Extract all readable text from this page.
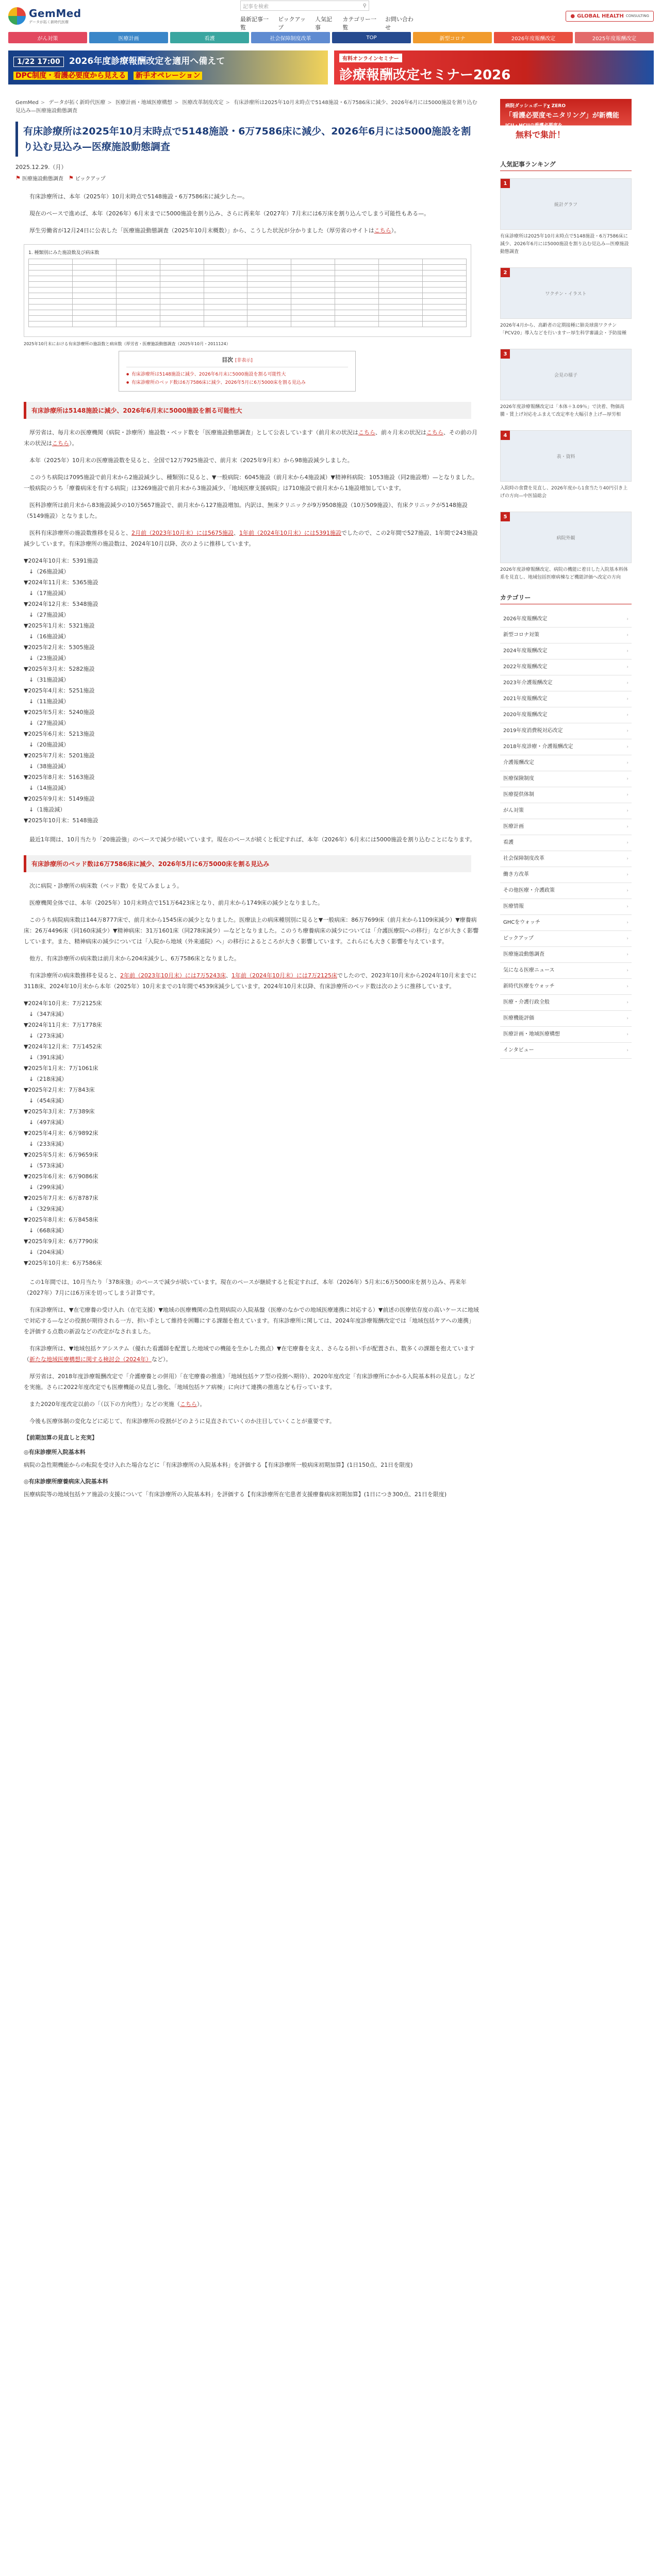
GemMed
データが拓く新時代医療
記事を検索	⚲
最新記事一覧
ピックアップ
人気記事
カテゴリー一覧
お問い合わせ
● GLOBAL HEALTH CONSULTING
がん対策	医療計画	看護	社会保障制度改革	TOP	新型コロナ	2026年度報酬改定	2025年度報酬改定
1/22 17:00 2026年度診療報酬改定を適用へ備えて
DPC制度・看護必要度から見える 新手オペレーション
有料オンラインセミナー
診療報酬改定セミナー2026
GemMed > データが拓く新時代医療 > 医療計画・地域医療構想 > 医療改革制度改定 > 有床診療所は2025年10月末時点で5148施設・6万7586床に減少、2026年6月には5000施設を割り込む見込み—医療施設動態調査
有床診療所は2025年10月末時点で5148施設・6万7586床に減少、2026年6月には5000施設を割り込む見込み—医療施設動態調査
2025.12.29.（月）
⚑ 医療施設動態調査 ⚑ ピックアップ

有床診療所は、本年（2025年）10月末時点で5148施設・6万7586床に減少した—。

現在のペースで進めば、本年（2026年）6月末までに5000施設を割り込み、さらに再来年（2027年）7月末には6万床を割り込んでしまう可能性もある—。

厚生労働省が12月24日に公表した「医療施設動態調査（2025年10月末概数）」から、こうした状況が分かりました（厚労省のサイトはこちら）。

1. 種類別にみた施設数及び病床数

2025年10月末における有床診療所の施設数と病床数（厚労省・医療施設動態調査（2025年10月・2011124）
目次 [非表示]
● 有床診療所は5148施設に減少、2026年6月末に5000施設を割る可能性大
● 有床診療所のベッド数は6万7586床に減少、2026年5月に6万5000床を割る見込み
有床診療所は5148施設に減少、2026年6月末に5000施設を割る可能性大

厚労省は、毎月末の医療機関（病院・診療所）施設数・ベッド数を「医療施設動態調査」として公表しています（前月末の状況はこちら、前々月末の状況はこちら、その前の月末の状況はこちら）。

本年（2025年）10月末の医療施設数を見ると、全国で12万7925施設で、前月末（2025年9月末）から98施設減少しました。

このうち病院は7095施設で前月末から2施設減少し、種類別に見ると、▼一般病院：6045施設（前月末から4施設減）▼精神科病院：1053施設（同2施設増）—となりました。一般病院のうち「療養病床を有する病院」は3269施設で前月末から3施設減少、「地域医療支援病院」は710施設で前月末から1施設増加しています。

医科診療所は前月末から83施設減少の10万5657施設で、前月末から127施設増加。内訳は、無床クリニックが9万9508施設（10万509施設）、有床クリニックが5148施設（5149施設）となりました。

医科有床診療所の施設数推移を見ると、2月前（2023年10月末）には5675施設、1年前（2024年10月末）には5391施設でしたので、この2年間で527施設、1年間で243施設減少しています。有床診療所の施設数は、2024年10月以降、次のように推移しています。

▼2024年10月末：5391施設
↓（26施設減）
▼2024年11月末：5365施設
↓（17施設減）
▼2024年12月末：5348施設
↓（27施設減）
▼2025年1月末：5321施設
↓（16施設減）
▼2025年2月末：5305施設
↓（23施設減）
▼2025年3月末：5282施設
↓（31施設減）
▼2025年4月末：5251施設
↓（11施設減）
▼2025年5月末：5240施設
↓（27施設減）
▼2025年6月末：5213施設
↓（20施設減）
▼2025年7月末：5201施設
↓（38施設減）
▼2025年8月末：5163施設
↓（14施設減）
▼2025年9月末：5149施設
↓（1施設減）
▼2025年10月末：5148施設

最近1年間は、10月当たり「20施設強」のペースで減少が続いています。現在のペースが続くと仮定すれば、本年（2026年）6月末には5000施設を割り込むことになります。

有床診療所のベッド数は6万7586床に減少、2026年5月に6万5000床を割る見込み

次に病院・診療所の病床数（ベッド数）を見てみましょう。

医療機関全体では、本年（2025年）10月末時点で151万6423床となり、前月末から1749床の減少となりました。

このうち病院病床数は144万8777床で、前月末から1545床の減少となりました。医療法上の病床種別別に見ると▼一般病床：86万7699床（前月末から1109床減少）▼療養病床：26万4496床（同160床減少）▼精神病床：31万1601床（同278床減少）—などとなりました。このうち療養病床の減少については「介護医療院への移行」などが大きく影響しています。また、精神病床の減少については「入院から地域（外来通院）へ」の移行によるところが大きく影響しています。これらにも大きく影響を与えています。

他方、有床診療所の病床数は前月末から204床減少し、6万7586床となりました。

有床診療所の病床数推移を見ると、2年前（2023年10月末）には7万5243床、1年前（2024年10月末）には7万2125床でしたので、2023年10月末から2024年10月末までに3118床、2024年10月末から本年（2025年）10月末までの1年間で4539床減少しています。2024年10月末以降、有床診療所のベッド数は次のように推移しています。

▼2024年10月末：7万2125床
↓（347床減）
▼2024年11月末：7万1778床
↓（273床減）
▼2024年12月末：7万1452床
↓（391床減）
▼2025年1月末：7万1061床
↓（218床減）
▼2025年2月末：7万843床
↓（454床減）
▼2025年3月末：7万389床
↓（497床減）
▼2025年4月末：6万9892床
↓（233床減）
▼2025年5月末：6万9659床
↓（573床減）
▼2025年6月末：6万9086床
↓（299床減）
▼2025年7月末：6万8787床
↓（329床減）
▼2025年8月末：6万8458床
↓（668床減）
▼2025年9月末：6万7790床
↓（204床減）
▼2025年10月末：6万7586床

この1年間では、10月当たり「378床強」のペースで減少が続いています。現在のペースが継続すると仮定すれば、本年（2026年）5月末に6万5000床を割り込み、再来年（2027年）7月には6万床を切ってしまう計算です。

有床診療所は、▼在宅療養の受け入れ（在宅支援）▼地域の医療機関の急性期病院の入院基盤（医療のなかでの地域医療連携に対応する）▼前述の医療依存度の高いケースに地域で対応する—などの役割が期待される一方、担い手として維持を困難にする課題を抱えています。有床診療所に関しては、2024年度診療報酬改定では「地域包括ケアへの連携」を評価する点数の新設などの改定がなされました。

有床診療所は、▼地域包括ケアシステム（優れた看護師を配置した地域での機能を生かした拠点）▼在宅療養を支え、さらなる担い手が配置され、数多くの課題を抱えています（新たな地域医療構想に関する検討会（2024年）など）。

厚労省は、2018年度診療報酬改定で「介護療養との併用）「在宅療養の推進）「地域包括ケア型の役割へ期待）、2020年度改定「有床診療所にかかる入院基本料の見直し」などを実施。さらに2022年度改定でも医療機能の見直し強化、「地域包括ケア病棟」に向けて連携の推進なども行っています。

また2020年度改定以前の「（以下の方向性）」などの実施（こちら）。

今後も医療体制の変化などに応じて、有床診療所の役割がどのように見直されていくのか注目していくことが重要です。

【前期加算の見直しと充実】
◎有床診療所入院基本料

病院の急性期機能からの転院を受け入れた場合などに「有床診療所の入院基本料」を評価する【有床診療所一般病床初期加算】(1日150点、21日を限度)

◎有床診療所療養病床入院基本料

医療病院等の地域包括ケア施設の支援について「有床診療所の入院基本料」を評価する【有床診療所在宅患者支援療養病床初期加算】(1日につき300点、21日を限度)

病院ダッシュボードχ ZERO
「看護必要度モニタリング」が新機能
ICU・HCUの看護必要度を
無料で集計！
人気記事ランキング
1
統計グラフ
有床診療所は2025年10月末時点で5148施設・6万7586床に減少、2026年6月には5000施設を割り込む見込み—医療施設動態調査
2
ワクチン・イラスト
2026年4月から、高齢者の定期接種に肺炎球菌ワクチン「PCV20」導入などを行いますー厚生科学審議会・予防接種
3
会見の様子
2026年度診療報酬改定は「本体＋3.09％」で決着、物価高騰・賃上げ対応をふまえて改定率を大幅引き上げ—厚労相
4
表・資料
入院時の食費を見直し、2026年度から1食当たり40円引き上げの方向—中医協総会
5
病院外観
2026年度診療報酬改定、病院の機能に着目した入院基本料体系を見直し、地域包括医療病棟など機能評価へ改定の方向
カテゴリー
2026年度報酬改定	›
新型コロナ対策	›
2024年度報酬改定	›
2022年度報酬改定	›
2023年介護報酬改定	›
2021年度報酬改定	›
2020年度報酬改定	›
2019年度消費税対応改定	›
2018年度診療・介護報酬改定	›
介護報酬改定	›
医療保険制度	›
医療提供体制	›
がん対策	›
医療計画	›
看護	›
社会保障制度改革	›
働き方改革	›
その他医療・介護政策	›
医療情報	›
GHCをウォッチ	›
ピックアップ	›
医療施設動態調査	›
気になる医療ニュース	›
新時代医療をウォッチ	›
医療・介護行政全般	›
医療機能評価	›
医療計画・地域医療構想	›
インタビュー	›
